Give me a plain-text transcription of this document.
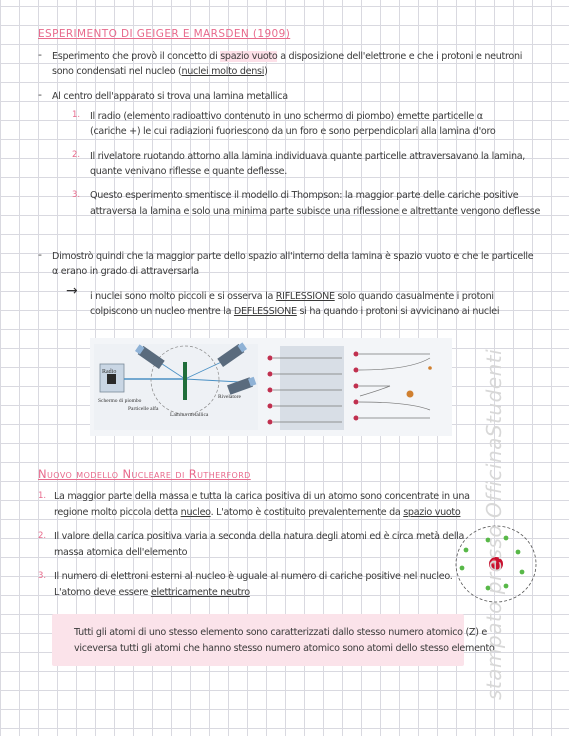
ESPERIMENTO DI GEIGER E MARSDEN (1909)
- Esperimento che provò il concetto di spazio vuoto a disposizione dell'elettrone e che i protoni e neutroni
sono condensati nel nucleo (nuclei molto densi)
- Al centro dell'apparato si trova una lamina metallica
1. Il radio (elemento radioattivo contenuto in uno schermo di piombo) emette particelle α
(cariche +) le cui radiazioni fuoriescono da un foro e sono perpendicolari alla lamina d'oro
2. Il rivelatore ruotando attorno alla lamina individuava quante particelle attraversavano la lamina,
quante venivano riflesse e quante deflesse.
3. Questo esperimento smentisce il modello di Thompson: la maggior parte delle cariche positive
attraversa la lamina e solo una minima parte subisce una riflessione e altrettante vengono deflesse
- Dimostrò quindi che la maggior parte dello spazio all'interno della lamina è spazio vuoto e che le particelle
α erano in grado di attraversarla
→ i nuclei sono molto piccoli e si osserva la RIFLESSIONE solo quando casualmente i protoni
colpiscono un nucleo mentre la DEFLESSIONE si ha quando i protoni si avvicinano ai nuclei
Radio
Schermo di piombo
Particelle alfa
Lamina metallica
Rivelatore
Nuovo modello Nucleare di Rutherford
1. La maggior parte della massa e tutta la carica positiva di un atomo sono concentrate in una
regione molto piccola detta nucleo. L'atomo è costituito prevalentemente da spazio vuoto
2. Il valore della carica positiva varia a seconda della natura degli atomi ed è circa metà della
massa atomica dell'elemento
3. Il numero di elettroni esterni al nucleo è uguale al numero di cariche positive nel nucleo.
L'atomo deve essere elettricamente neutro
Tutti gli atomi di uno stesso elemento sono caratterizzati dallo stesso numero atomico (Z) e
viceversa tutti gli atomi che hanno stesso numero atomico sono atomi dello stesso elemento
stampato presso OfficinaStudenti
